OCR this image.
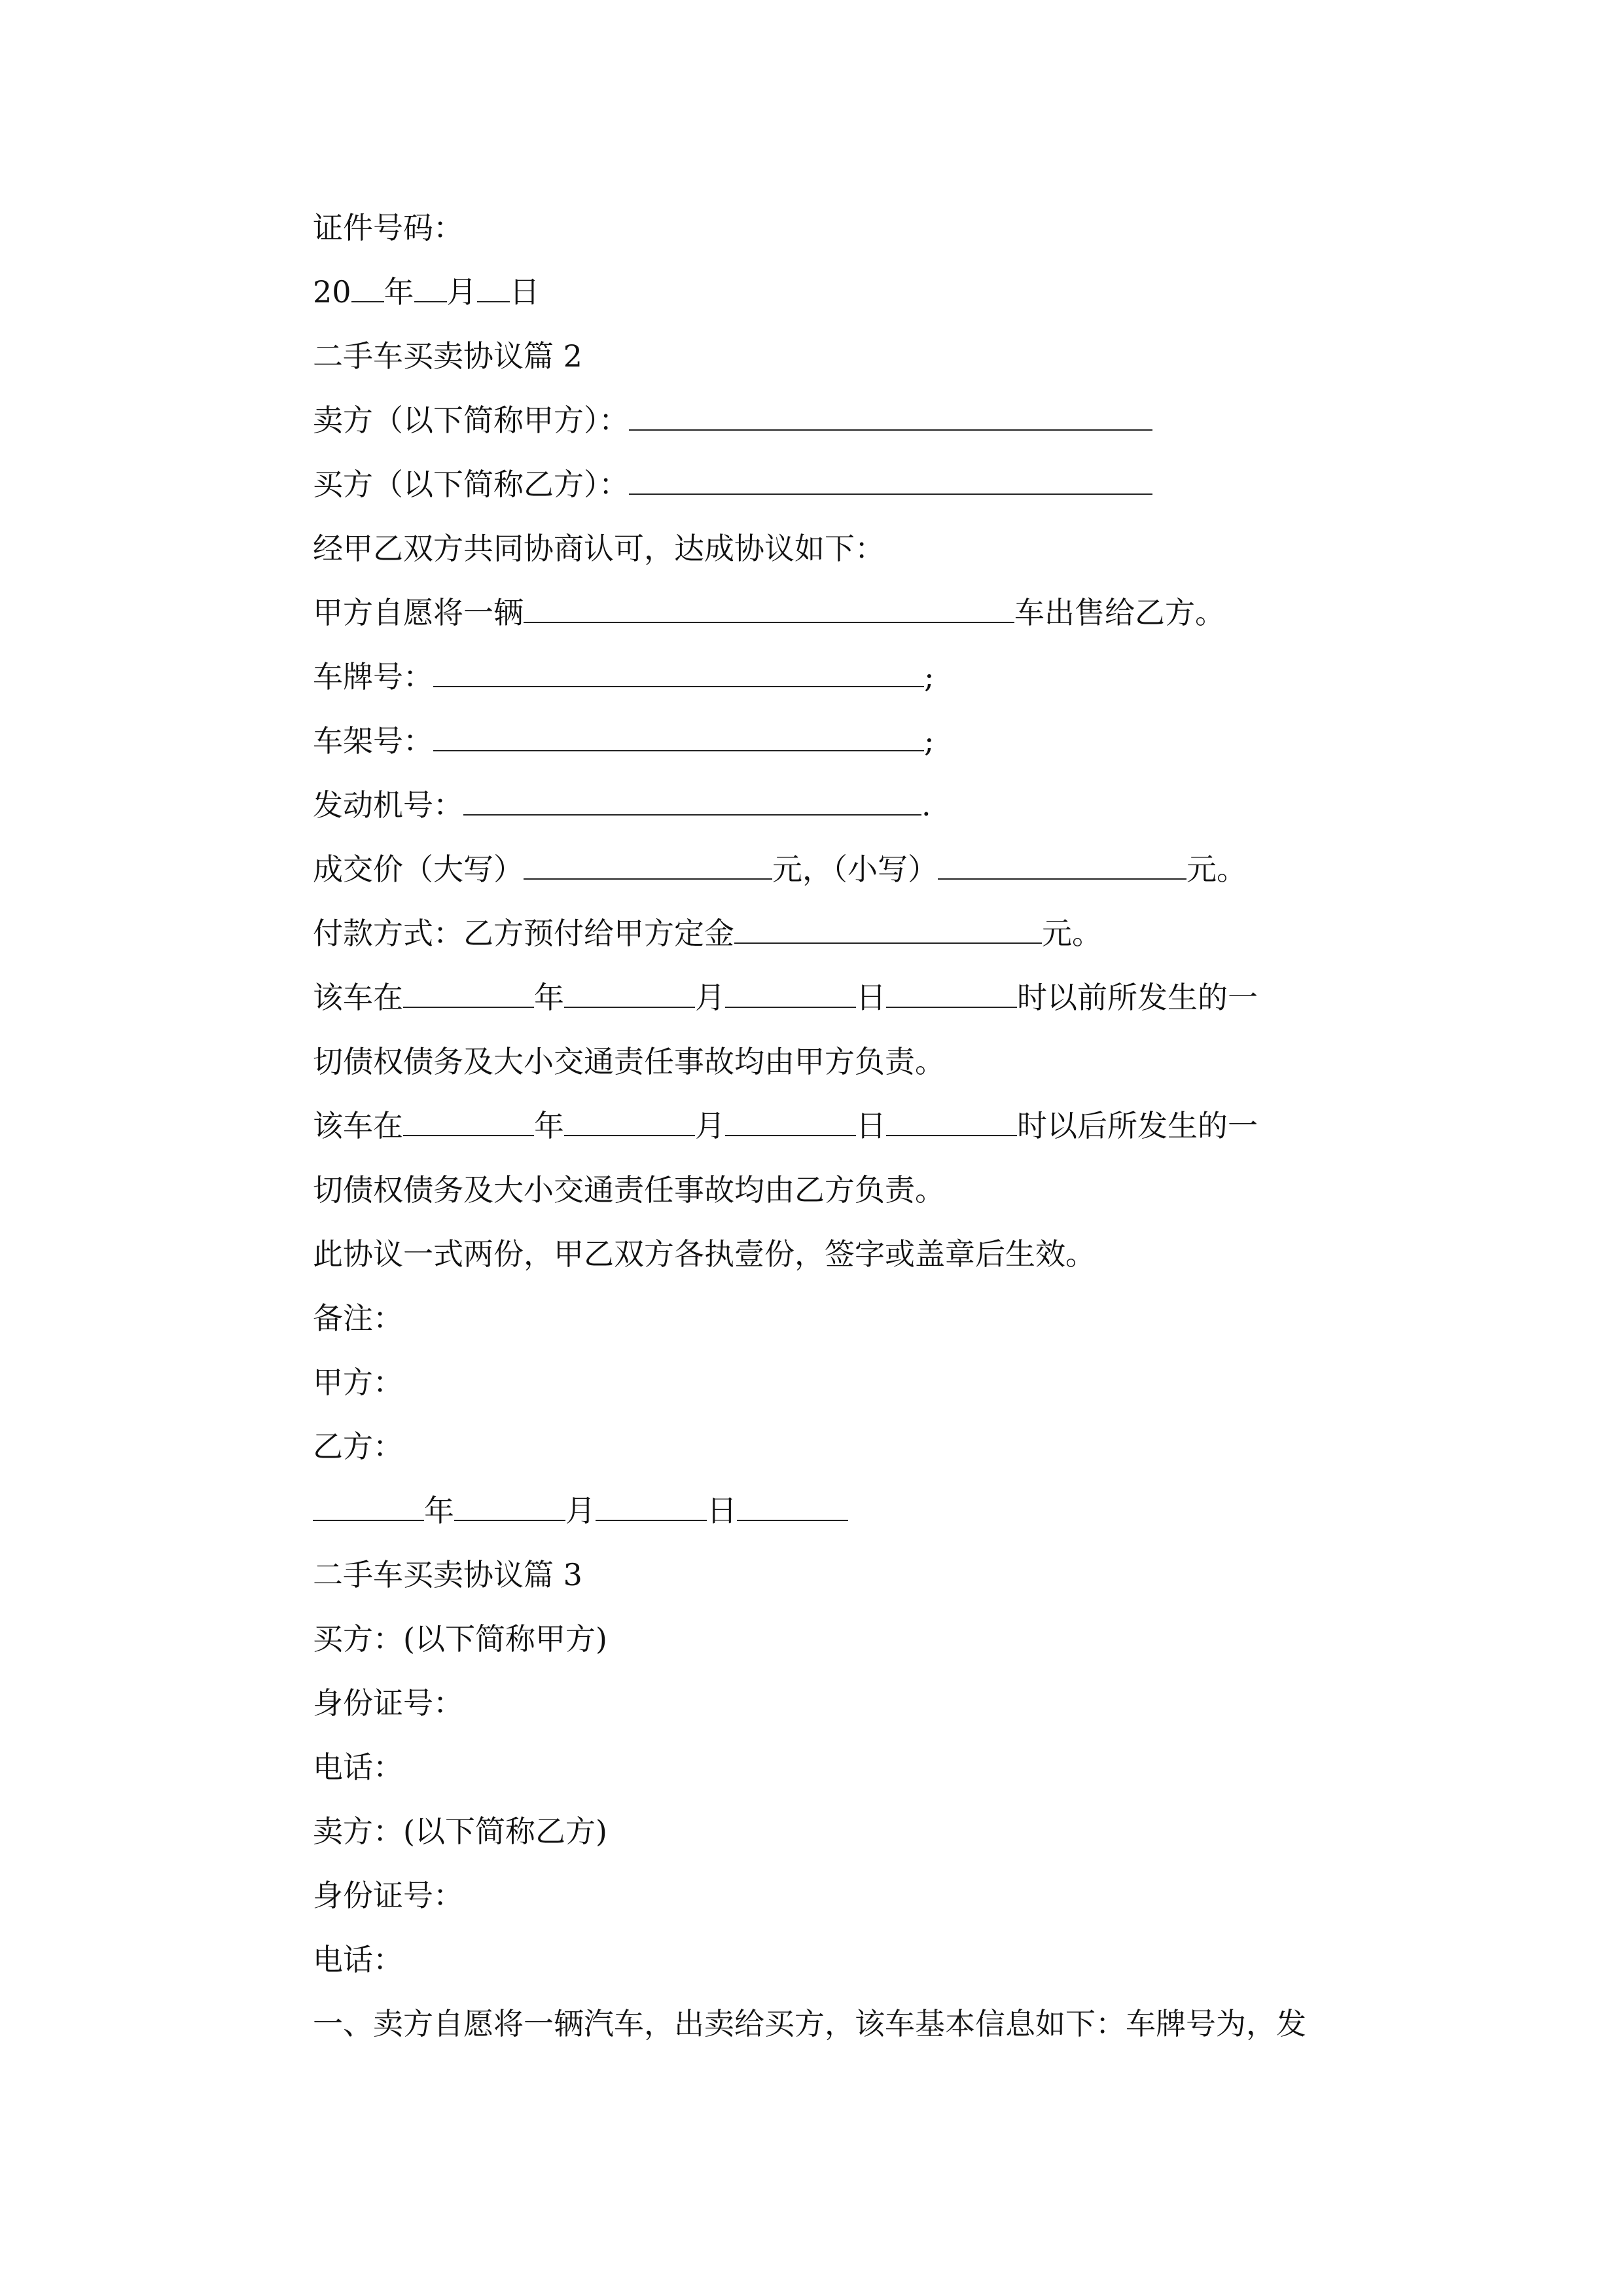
证件号码：
20 年 月 日
二手车买卖协议篇 2
卖方（以下简称甲方）：
买方（以下简称乙方）：
经甲乙双方共同协商认可，达成协议如下：
甲方自愿将一辆	车出售给乙方。
车牌号：	;
车架号：	;
发动机号：	.
成交价（大写）	元，（小写）	元。
付款方式：乙方预付给甲方定金	元。
该车在	年	月	日	时以前所发生的一
切债权债务及大小交通责任事故均由甲方负责。
该车在	年	月	日	时以后所发生的一
切债权债务及大小交通责任事故均由乙方负责。
此协议一式两份，甲乙双方各执壹份，签字或盖章后生效。
备注：
甲方：
乙方：
年	月	日
二手车买卖协议篇 3
买方：(以下简称甲方)
身份证号：
电话：
卖方：(以下简称乙方)
身份证号：
电话：
一、卖方自愿将一辆汽车，出卖给买方，该车基本信息如下：车牌号为，发
